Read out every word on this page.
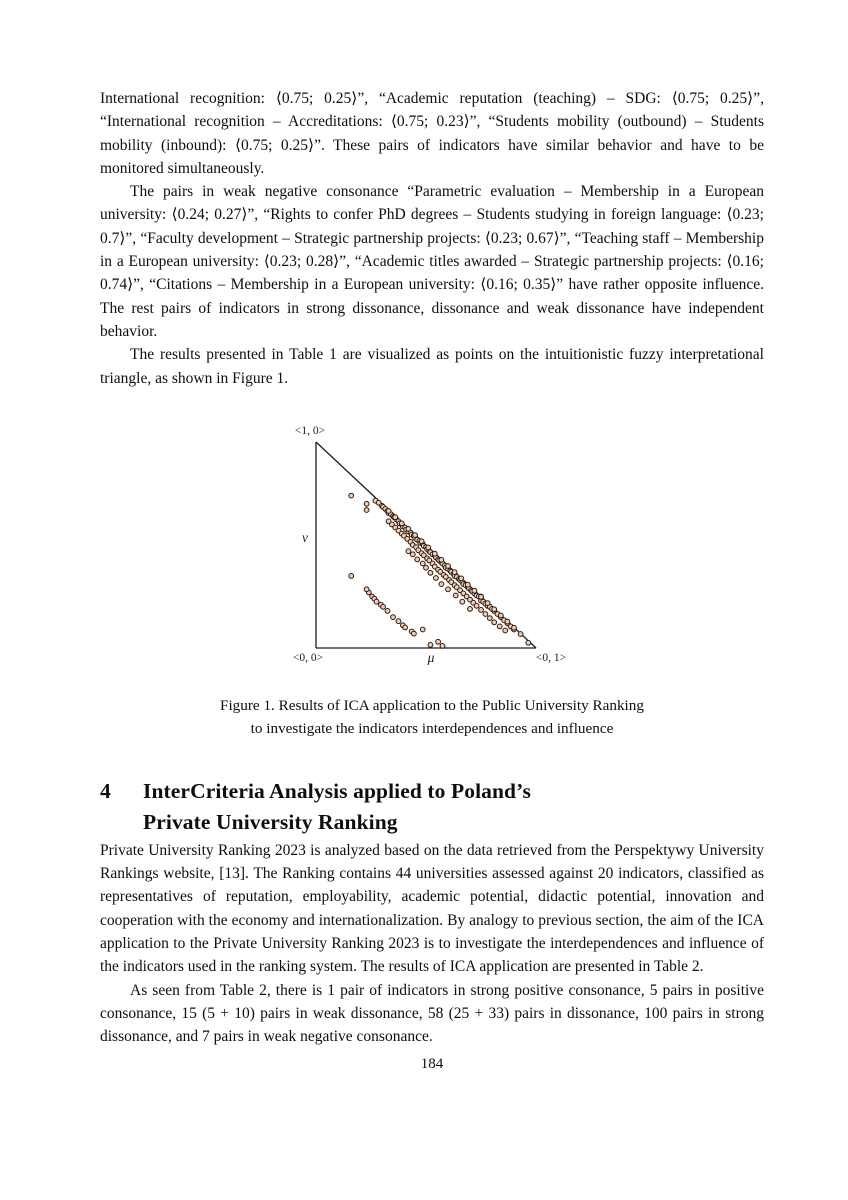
International recognition: ⟨0.75; 0.25⟩”, “Academic reputation (teaching) – SDG: ⟨0.75; 0.25⟩”, “International recognition – Accreditations: ⟨0.75; 0.23⟩”, “Students mobility (outbound) – Students mobility (inbound): ⟨0.75; 0.25⟩”. These pairs of indicators have similar behavior and have to be monitored simultaneously.

The pairs in weak negative consonance “Parametric evaluation – Membership in a European university: ⟨0.24; 0.27⟩”, “Rights to confer PhD degrees – Students studying in foreign language: ⟨0.23; 0.7⟩”, “Faculty development – Strategic partnership projects: ⟨0.23; 0.67⟩”, “Teaching staff – Membership in a European university: ⟨0.23; 0.28⟩”, “Academic titles awarded – Strategic partnership projects: ⟨0.16; 0.74⟩”, “Citations – Membership in a European university: ⟨0.16; 0.35⟩” have rather opposite influence. The rest pairs of indicators in strong dissonance, dissonance and weak dissonance have independent behavior.

The results presented in Table 1 are visualized as points on the intuitionistic fuzzy interpretational triangle, as shown in Figure 1.

<1, 0>
<0, 0>	<0, 1>
ν
μ
Figure 1. Results of ICA application to the Public University Ranking
to investigate the indicators interdependences and influence
4	InterCriteria Analysis applied to Poland’s
Private University Ranking

Private University Ranking 2023 is analyzed based on the data retrieved from the Perspektywy University Rankings website, [13]. The Ranking contains 44 universities assessed against 20 indicators, classified as representatives of reputation, employability, academic potential, didactic potential, innovation and cooperation with the economy and internationalization. By analogy to previous section, the aim of the ICA application to the Private University Ranking 2023 is to investigate the interdependences and influence of the indicators used in the ranking system. The results of ICA application are presented in Table 2.

As seen from Table 2, there is 1 pair of indicators in strong positive consonance, 5 pairs in positive consonance, 15 (5 + 10) pairs in weak dissonance, 58 (25 + 33) pairs in dissonance, 100 pairs in strong dissonance, and 7 pairs in weak negative consonance.

184
